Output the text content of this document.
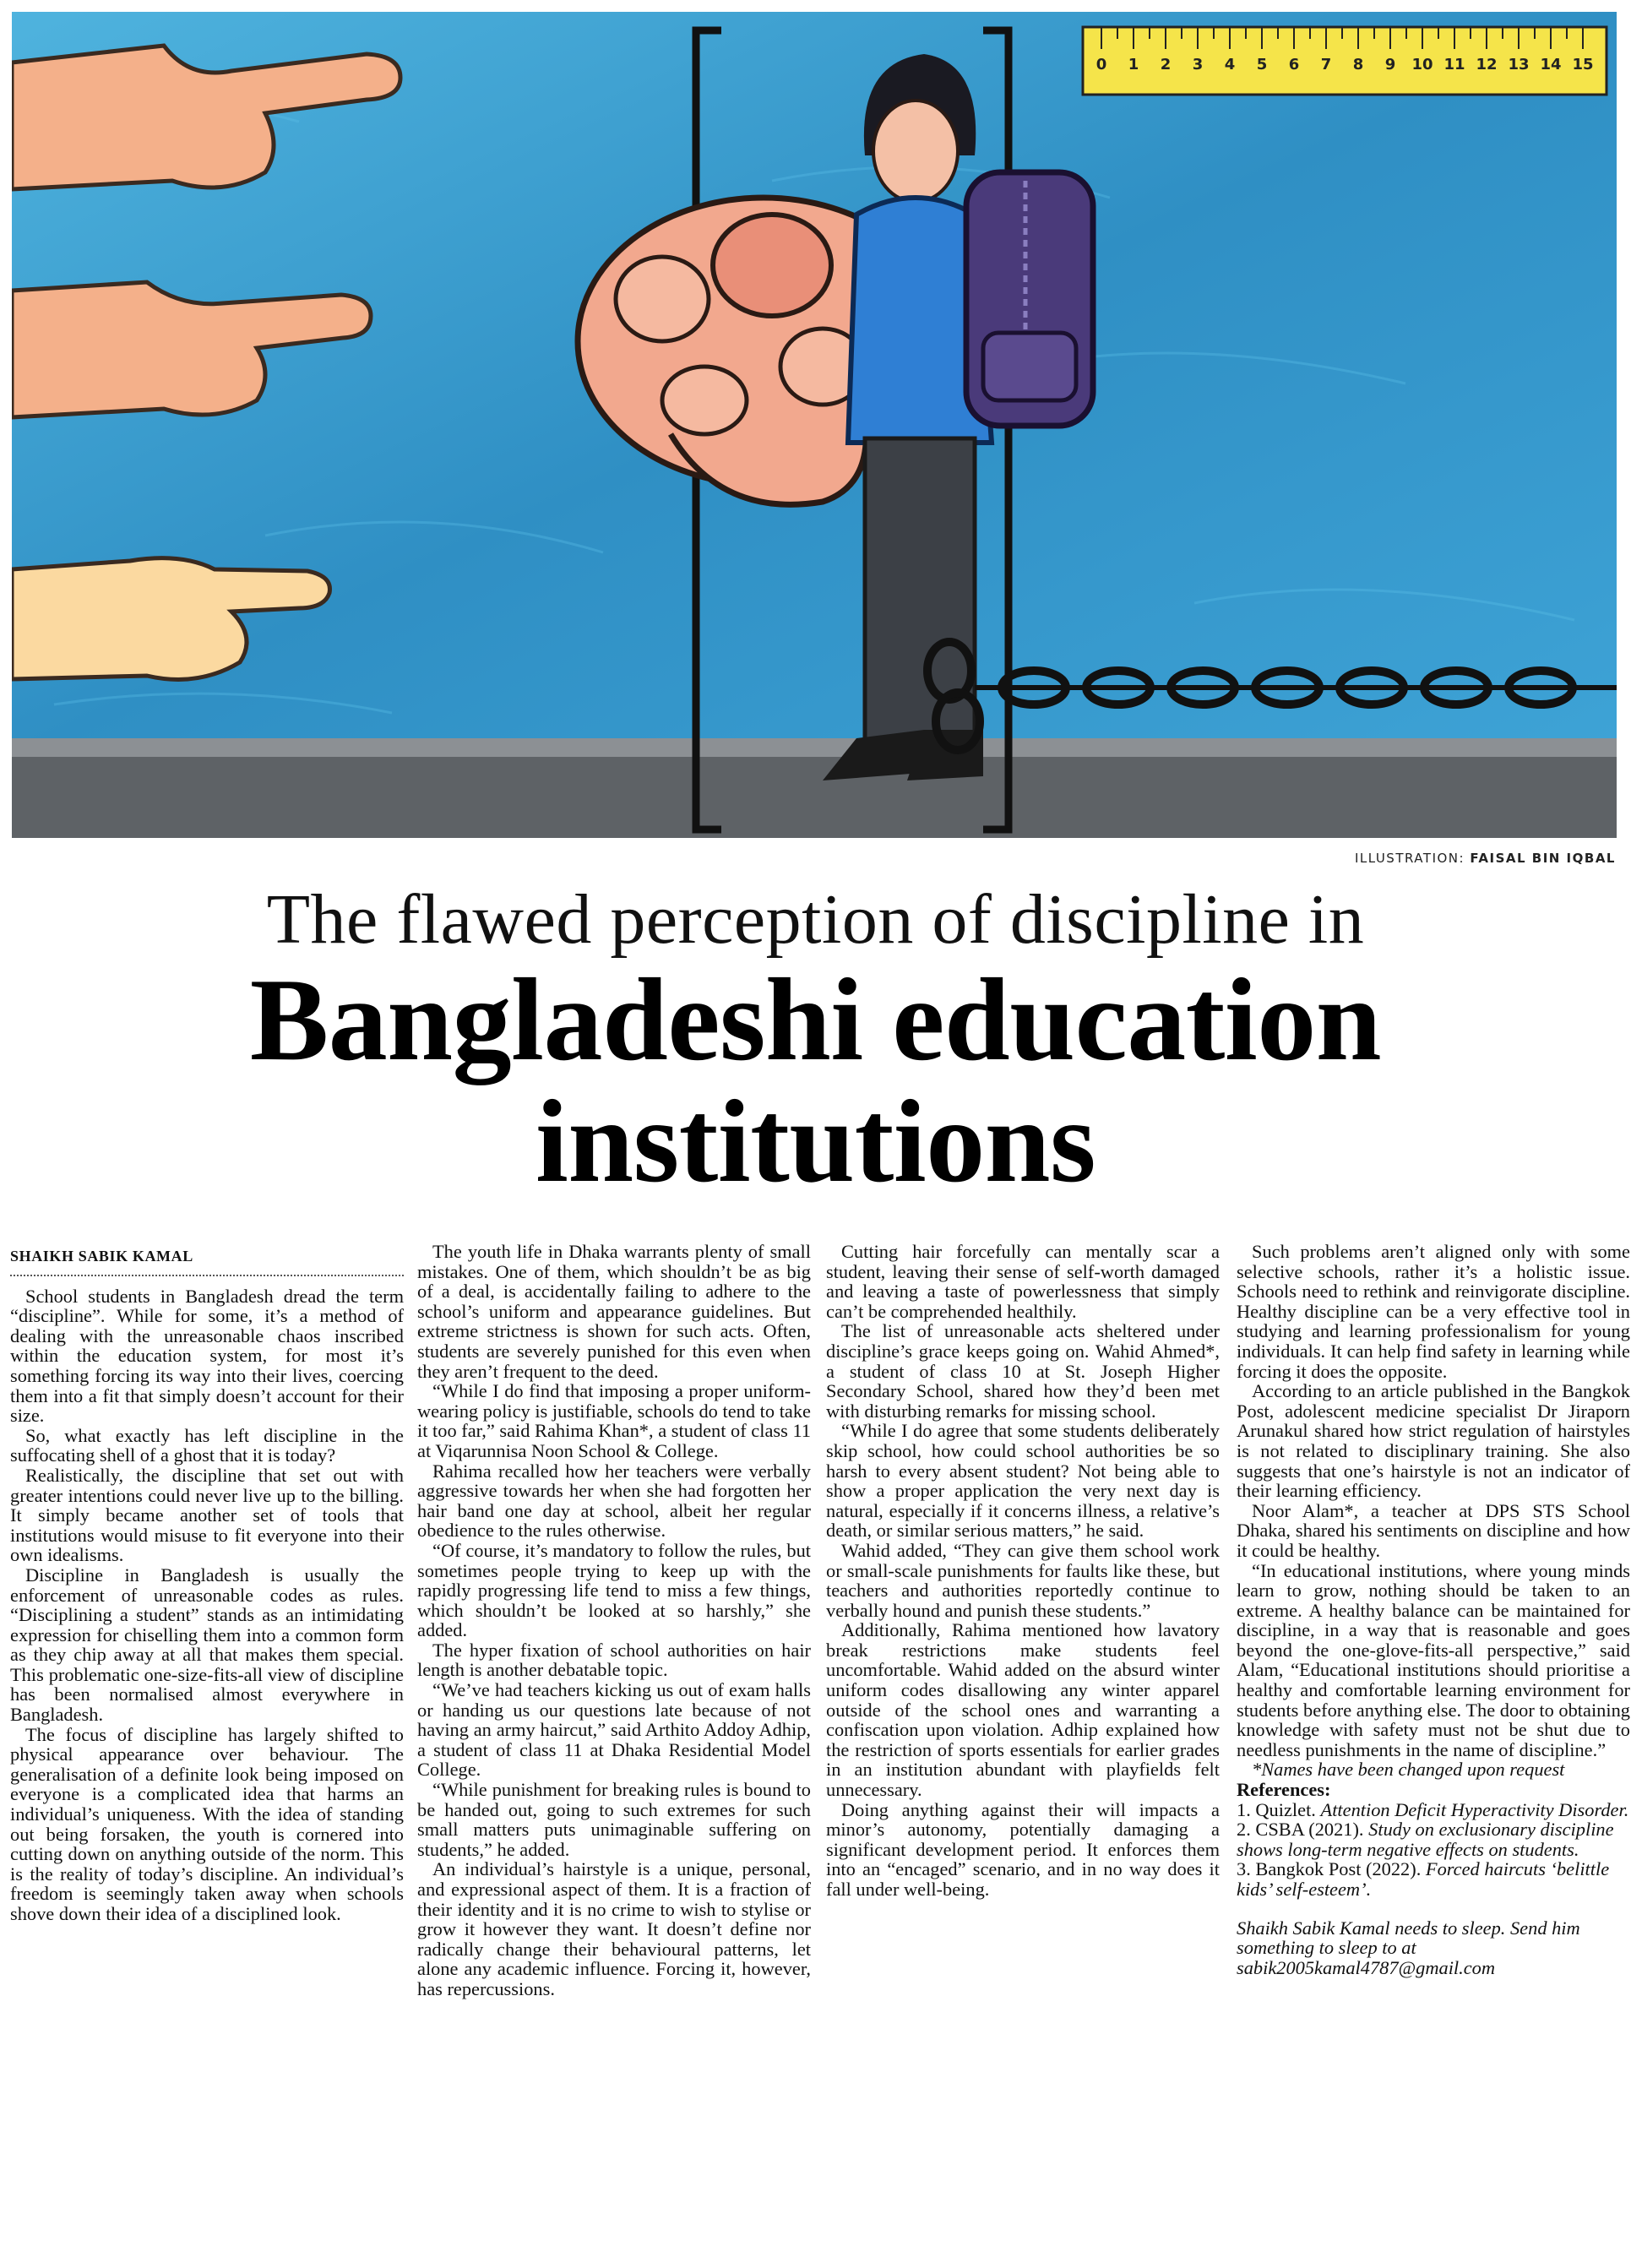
0 1 2 3 4 5 6 7 8 9 10 11 12 13 14 15
ILLUSTRATION: FAISAL BIN IQBAL
The flawed perception of discipline in
Bangladeshi education
institutions
SHAIKH SABIK KAMAL

School students in Bangladesh dread the term “discipline”. While for some, it’s a method of dealing with the unreasonable chaos inscribed within the education system, for most it’s something forcing its way into their lives, coercing them into a fit that simply doesn’t account for their size.

So, what exactly has left discipline in the suffocating shell of a ghost that it is today?

Realistically, the discipline that set out with greater intentions could never live up to the billing. It simply became another set of tools that institutions would misuse to fit everyone into their own idealisms.

Discipline in Bangladesh is usually the enforcement of unreasonable codes as rules. “Disciplining a student” stands as an intimidating expression for chiselling them into a common form as they chip away at all that makes them special. This problematic one-size-fits-all view of discipline has been normalised almost everywhere in Bangladesh.

The focus of discipline has largely shifted to physical appearance over behaviour. The generalisation of a definite look being imposed on everyone is a complicated idea that harms an individual’s uniqueness. With the idea of standing out being forsaken, the youth is cornered into cutting down on anything outside of the norm. This is the reality of today’s discipline. An individual’s freedom is seemingly taken away when schools shove down their idea of a disciplined look.

The youth life in Dhaka warrants plenty of small mistakes. One of them, which shouldn’t be as big of a deal, is accidentally failing to adhere to the school’s uniform and appearance guidelines. But extreme strictness is shown for such acts. Often, students are severely punished for this even when they aren’t frequent to the deed.

“While I do find that imposing a proper uniform-wearing policy is justifiable, schools do tend to take it too far,” said Rahima Khan*, a student of class 11 at Viqarunnisa Noon School & College.

Rahima recalled how her teachers were verbally aggressive towards her when she had forgotten her hair band one day at school, albeit her regular obedience to the rules otherwise.

“Of course, it’s mandatory to follow the rules, but sometimes people trying to keep up with the rapidly progressing life tend to miss a few things, which shouldn’t be looked at so harshly,” she added.

The hyper fixation of school authorities on hair length is another debatable topic.

“We’ve had teachers kicking us out of exam halls or handing us our questions late because of not having an army haircut,” said Arthito Addoy Adhip, a student of class 11 at Dhaka Residential Model College.

“While punishment for breaking rules is bound to be handed out, going to such extremes for such small matters puts unimaginable suffering on students,” he added.

An individual’s hairstyle is a unique, personal, and expressional aspect of them. It is a fraction of their identity and it is no crime to wish to stylise or grow it however they want. It doesn’t define nor radically change their behavioural patterns, let alone any academic influence. Forcing it, however, has repercussions.

Cutting hair forcefully can mentally scar a student, leaving their sense of self-worth damaged and leaving a taste of powerlessness that simply can’t be comprehended healthily.

The list of unreasonable acts sheltered under discipline’s grace keeps going on. Wahid Ahmed*, a student of class 10 at St. Joseph Higher Secondary School, shared how they’d been met with disturbing remarks for missing school.

“While I do agree that some students deliberately skip school, how could school authorities be so harsh to every absent student? Not being able to show a proper application the very next day is natural, especially if it concerns illness, a relative’s death, or similar serious matters,” he said.

Wahid added, “They can give them school work or small-scale punishments for faults like these, but teachers and authorities reportedly continue to verbally hound and punish these students.”

Additionally, Rahima mentioned how lavatory break restrictions make students feel uncomfortable. Wahid added on the absurd winter uniform codes disallowing any winter apparel outside of the school ones and warranting a confiscation upon violation. Adhip explained how the restriction of sports essentials for earlier grades in an institution abundant with playfields felt unnecessary.

Doing anything against their will impacts a minor’s autonomy, potentially damaging a significant development period. It enforces them into an “encaged” scenario, and in no way does it fall under well-being.

Such problems aren’t aligned only with some selective schools, rather it’s a holistic issue. Schools need to rethink and reinvigorate discipline. Healthy discipline can be a very effective tool in studying and learning professionalism for young individuals. It can help find safety in learning while forcing it does the opposite.

According to an article published in the Bangkok Post, adolescent medicine specialist Dr Jiraporn Arunakul shared how strict regulation of hairstyles is not related to disciplinary training. She also suggests that one’s hairstyle is not an indicator of their learning efficiency.

Noor Alam*, a teacher at DPS STS School Dhaka, shared his sentiments on discipline and how it could be healthy.

“In educational institutions, where young minds learn to grow, nothing should be taken to an extreme. A healthy balance can be maintained for discipline, in a way that is reasonable and goes beyond the one-glove-fits-all perspective,” said Alam, “Educational institutions should prioritise a healthy and comfortable learning environment for students before anything else. The door to obtaining knowledge with safety must not be shut due to needless punishments in the name of discipline.”

*Names have been changed upon request

References:

1. Quizlet. Attention Deficit Hyperactivity Disorder.

2. CSBA (2021). Study on exclusionary discipline shows long-term negative effects on students.

3. Bangkok Post (2022). Forced haircuts ‘belittle kids’ self-esteem’.

Shaikh Sabik Kamal needs to sleep. Send him something to sleep to at sabik2005kamal4787@gmail.com
